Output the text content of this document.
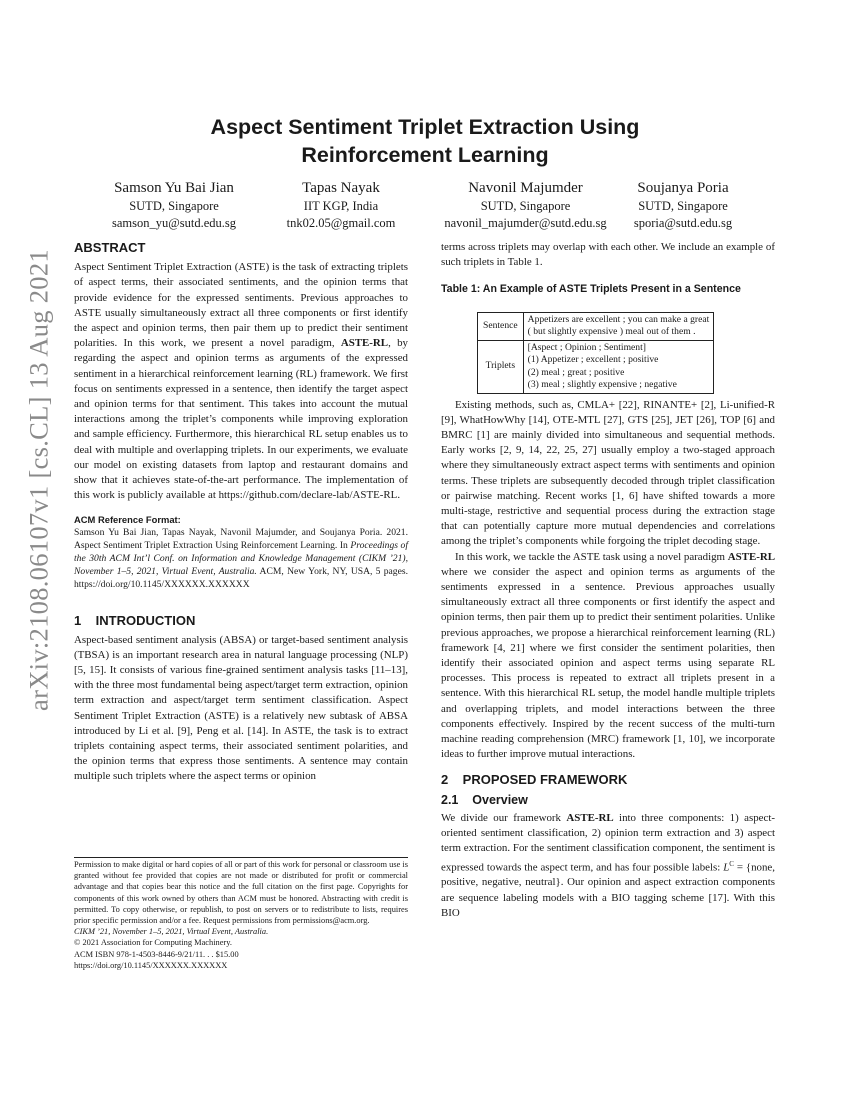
arXiv:2108.06107v1 [cs.CL] 13 Aug 2021
Aspect Sentiment Triplet Extraction Using
Reinforcement Learning
Samson Yu Bai Jian
SUTD, Singapore
samson_yu@sutd.edu.sg
Tapas Nayak
IIT KGP, India
tnk02.05@gmail.com
Navonil Majumder
SUTD, Singapore
navonil_majumder@sutd.edu.sg
Soujanya Poria
SUTD, Singapore
sporia@sutd.edu.sg
ABSTRACT

Aspect Sentiment Triplet Extraction (ASTE) is the task of extracting triplets of aspect terms, their associated sentiments, and the opinion terms that provide evidence for the expressed sentiments. Previous approaches to ASTE usually simultaneously extract all three components or first identify the aspect and opinion terms, then pair them up to predict their sentiment polarities. In this work, we present a novel paradigm, ASTE-RL, by regarding the aspect and opinion terms as arguments of the expressed sentiment in a hierarchical reinforcement learning (RL) framework. We first focus on sentiments expressed in a sentence, then identify the target aspect and opinion terms for that sentiment. This takes into account the mutual interactions among the triplet’s components while improving exploration and sample efficiency. Furthermore, this hierarchical RL setup enables us to deal with multiple and overlapping triplets. In our experiments, we evaluate our model on existing datasets from laptop and restaurant domains and show that it achieves state-of-the-art performance. The implementation of this work is publicly available at https://github.com/declare-lab/ASTE-RL.

ACM Reference Format:

Samson Yu Bai Jian, Tapas Nayak, Navonil Majumder, and Soujanya Poria. 2021. Aspect Sentiment Triplet Extraction Using Reinforcement Learning. In Proceedings of the 30th ACM Int’l Conf. on Information and Knowledge Management (CIKM ’21), November 1–5, 2021, Virtual Event, Australia. ACM, New York, NY, USA, 5 pages. https://doi.org/10.1145/XXXXXX.XXXXXX

1    INTRODUCTION

Aspect-based sentiment analysis (ABSA) or target-based sentiment analysis (TBSA) is an important research area in natural language processing (NLP) [5, 15]. It consists of various fine-grained sentiment analysis tasks [11–13], with the three most fundamental being aspect/target term extraction, opinion term extraction and aspect/target term sentiment classification. Aspect Sentiment Triplet Extraction (ASTE) is a relatively new subtask of ABSA introduced by Li et al. [9], Peng et al. [14]. In ASTE, the task is to extract triplets containing aspect terms, their associated sentiment polarities, and the opinion terms that express those sentiments. A sentence may contain multiple such triplets where the aspect terms or opinion

Permission to make digital or hard copies of all or part of this work for personal or classroom use is granted without fee provided that copies are not made or distributed for profit or commercial advantage and that copies bear this notice and the full citation on the first page. Copyrights for components of this work owned by others than ACM must be honored. Abstracting with credit is permitted. To copy otherwise, or republish, to post on servers or to redistribute to lists, requires prior specific permission and/or a fee. Request permissions from permissions@acm.org.
CIKM ’21, November 1–5, 2021, Virtual Event, Australia.
© 2021 Association for Computing Machinery.
ACM ISBN 978-1-4503-8446-9/21/11. . . $15.00
https://doi.org/10.1145/XXXXXX.XXXXXX

terms across triplets may overlap with each other. We include an example of such triplets in Table 1.

Table 1: An Example of ASTE Triplets Present in a Sentence
Sentence	Appetizers are excellent ; you can make a great
( but slightly expensive ) meal out of them .

Triplets	[Aspect ; Opinion ; Sentiment]
(1) Appetizer ; excellent ; positive
(2) meal ; great ; positive
(3) meal ; slightly expensive ; negative

Existing methods, such as, CMLA+ [22], RINANTE+ [2], Li-unified-R [9], WhatHowWhy [14], OTE-MTL [27], GTS [25], JET [26], TOP [6] and BMRC [1] are mainly divided into simultaneous and sequential methods. Early works [2, 9, 14, 22, 25, 27] usually employ a two-staged approach where they simultaneously extract aspect terms with sentiments and opinion terms. These triplets are subsequently decoded through triplet classification or pairwise matching. Recent works [1, 6] have shifted towards a more multi-stage, restrictive and sequential process during the extraction stage that can potentially capture more mutual dependencies and correlations among the triplet’s components while forgoing the triplet decoding stage.

In this work, we tackle the ASTE task using a novel paradigm ASTE-RL where we consider the aspect and opinion terms as arguments of the sentiments expressed in a sentence. Previous approaches usually simultaneously extract all three components or first identify the aspect and opinion terms, then pair them up to predict their sentiment polarities. Unlike previous approaches, we propose a hierarchical reinforcement learning (RL) framework [4, 21] where we first consider the sentiment polarities, then identify their associated opinion and aspect terms using separate RL processes. This process is repeated to extract all triplets present in a sentence. With this hierarchical RL setup, the model handle multiple triplets and overlapping triplets, and model interactions between the three components effectively. Inspired by the recent success of the multi-turn machine reading comprehension (MRC) framework [1, 10], we incorporate ideas to further improve mutual interactions.

2    PROPOSED FRAMEWORK
2.1    Overview

We divide our framework ASTE-RL into three components: 1) aspect-oriented sentiment classification, 2) opinion term extraction and 3) aspect term extraction. For the sentiment classification component, the sentiment is expressed towards the aspect term, and has four possible labels: $L^C$ = {none, positive, negative, neutral}. Our opinion and aspect extraction components are sequence labeling models with a BIO tagging scheme [17]. With this BIO
